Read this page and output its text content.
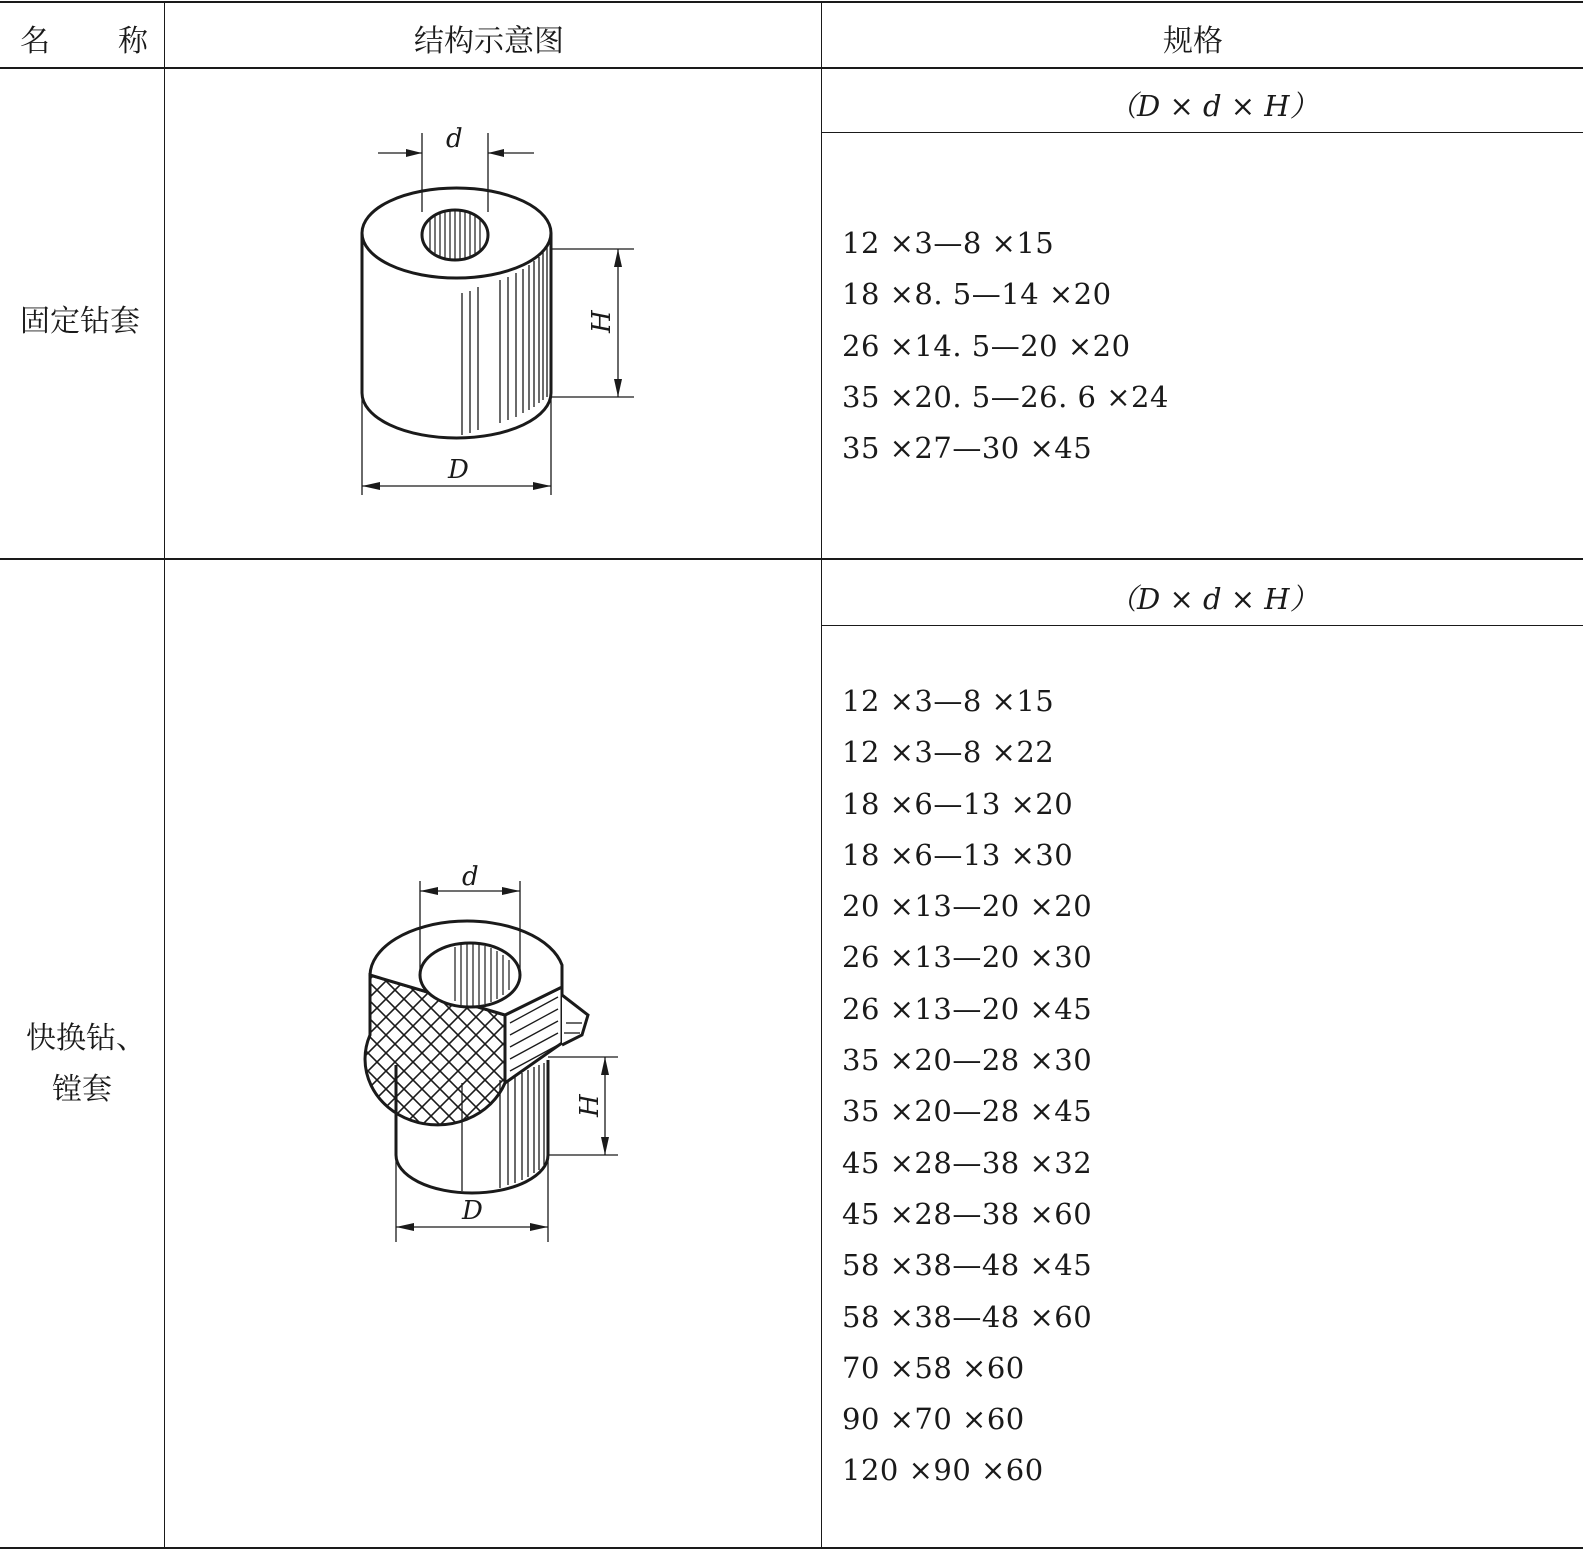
名 称	结构示意图	规格
固定钻套
（D × d × H）
12 ×3—8 ×15
18 ×8. 5—14 ×20
26 ×14. 5—20 ×20
35 ×20. 5—26. 6 ×24
35 ×27—30 ×45
d
D
H
快换钻、
镗套
（D × d × H）
12 ×3—8 ×15
12 ×3—8 ×22
18 ×6—13 ×20
18 ×6—13 ×30
20 ×13—20 ×20
26 ×13—20 ×30
26 ×13—20 ×45
35 ×20—28 ×30
35 ×20—28 ×45
45 ×28—38 ×32
45 ×28—38 ×60
58 ×38—48 ×45
58 ×38—48 ×60
70 ×58 ×60
90 ×70 ×60
120 ×90 ×60
d
D
H
